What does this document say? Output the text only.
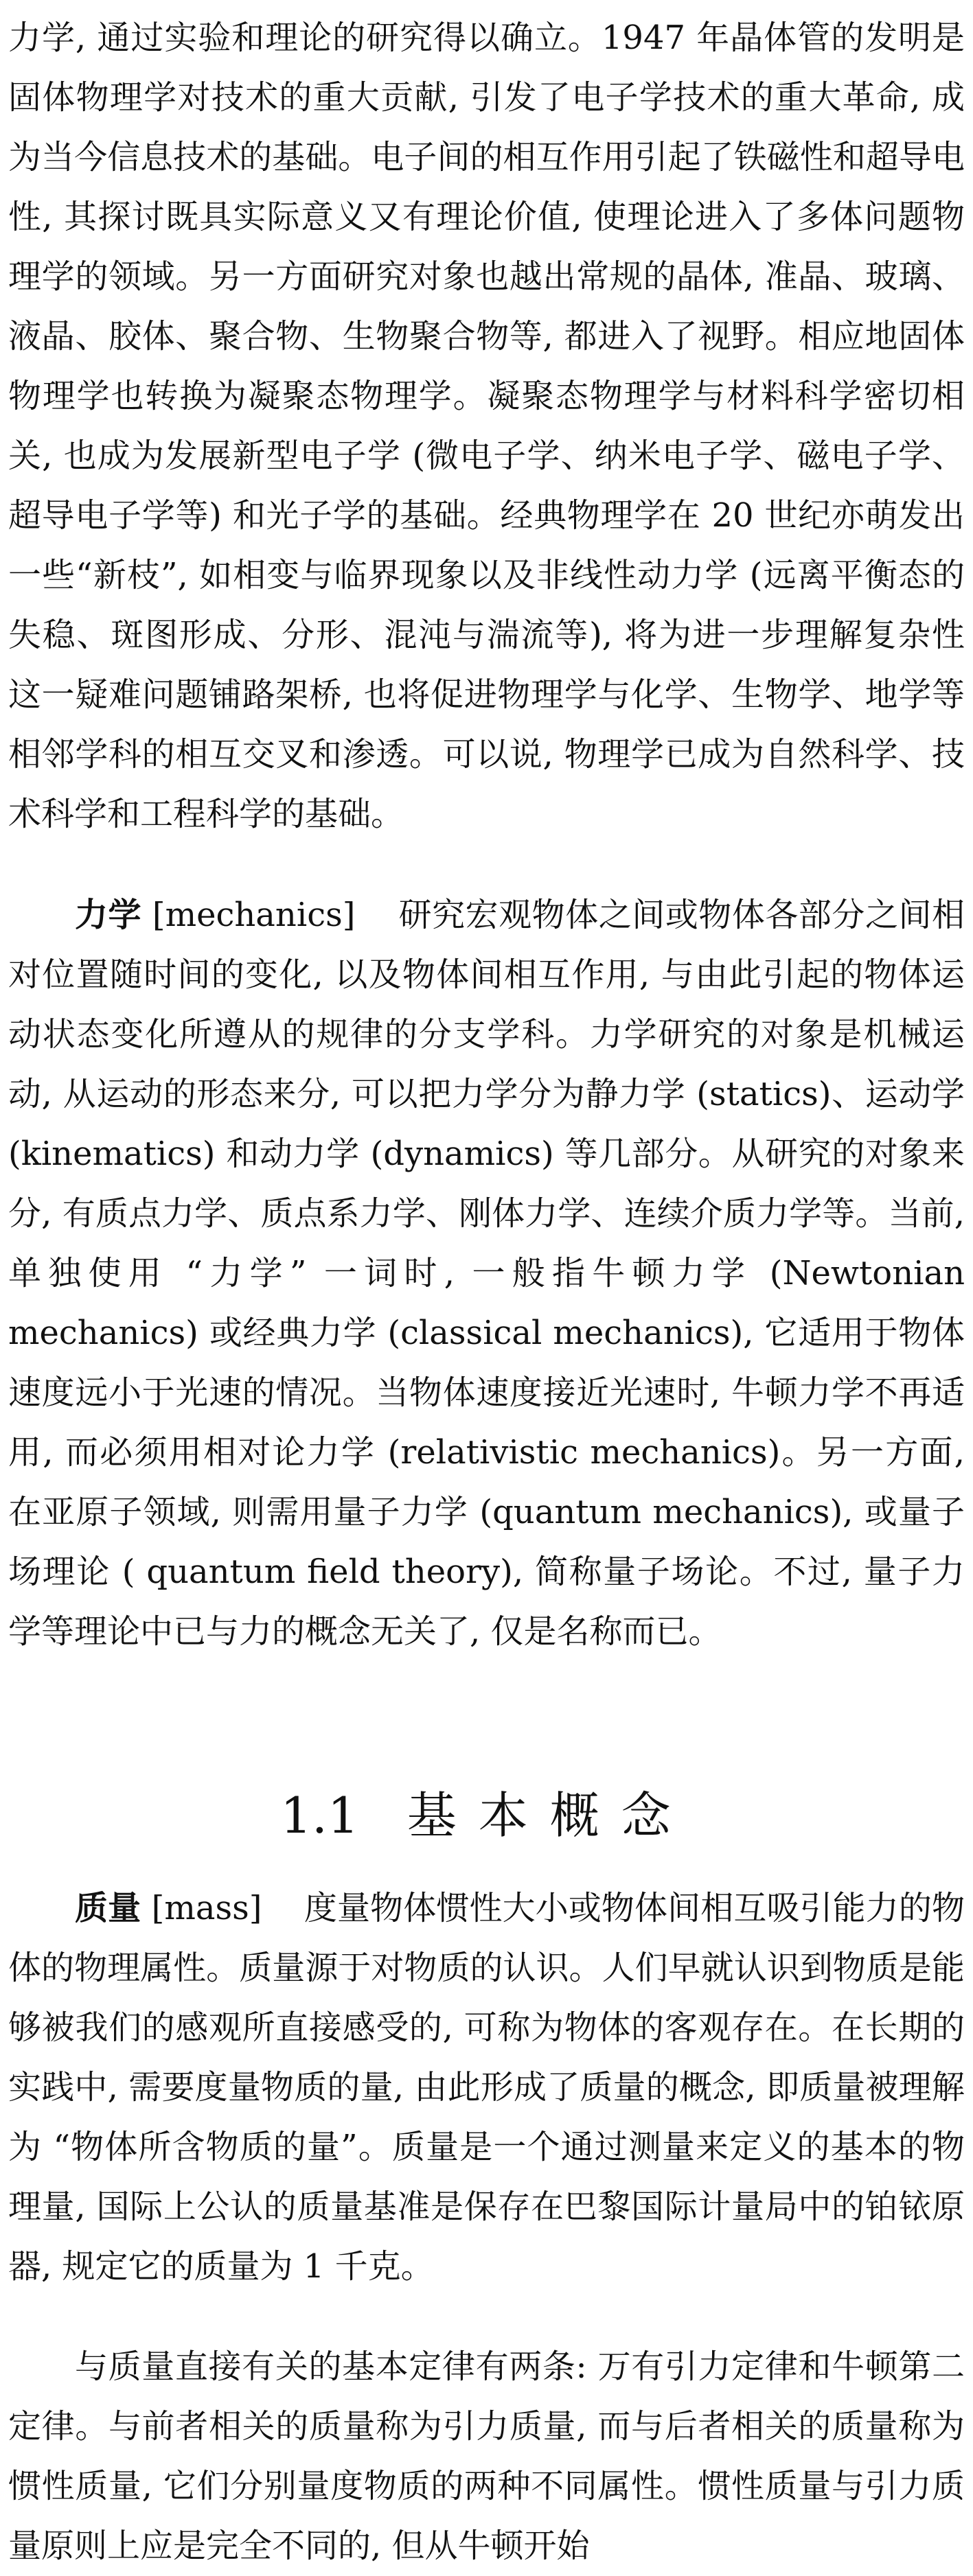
力学, 通过实验和理论的研究得以确立。1947 年晶体管的发明是固体物理学对技术的重大贡献, 引发了电子学技术的重大革命, 成为当今信息技术的基础。电子间的相互作用引起了铁磁性和超导电性, 其探讨既具实际意义又有理论价值, 使理论进入了多体问题物理学的领域。另一方面研究对象也越出常规的晶体, 准晶、玻璃、液晶、胶体、聚合物、生物聚合物等, 都进入了视野。相应地固体物理学也转换为凝聚态物理学。凝聚态物理学与材料科学密切相关, 也成为发展新型电子学 (微电子学、纳米电子学、磁电子学、超导电子学等) 和光子学的基础。经典物理学在 20 世纪亦萌发出一些“新枝”, 如相变与临界现象以及非线性动力学 (远离平衡态的失稳、斑图形成、分形、混沌与湍流等), 将为进一步理解复杂性这一疑难问题铺路架桥, 也将促进物理学与化学、生物学、地学等相邻学科的相互交叉和渗透。可以说, 物理学已成为自然科学、技术科学和工程科学的基础。

力学 [mechanics] 研究宏观物体之间或物体各部分之间相对位置随时间的变化, 以及物体间相互作用, 与由此引起的物体运动状态变化所遵从的规律的分支学科。力学研究的对象是机械运动, 从运动的形态来分, 可以把力学分为静力学 (statics)、运动学 (kinematics) 和动力学 (dynamics) 等几部分。从研究的对象来分, 有质点力学、质点系力学、刚体力学、连续介质力学等。当前, 单独使用 “力学” 一词时, 一般指牛顿力学 (Newtonian mechanics) 或经典力学 (classical mechanics), 它适用于物体速度远小于光速的情况。当物体速度接近光速时, 牛顿力学不再适用, 而必须用相对论力学 (relativistic mechanics)。另一方面, 在亚原子领域, 则需用量子力学 (quantum mechanics), 或量子场理论 ( quantum field theory), 简称量子场论。不过, 量子力学等理论中已与力的概念无关了, 仅是名称而已。

1.1 基本概念

质量 [mass] 度量物体惯性大小或物体间相互吸引能力的物体的物理属性。质量源于对物质的认识。人们早就认识到物质是能够被我们的感观所直接感受的, 可称为物体的客观存在。在长期的实践中, 需要度量物质的量, 由此形成了质量的概念, 即质量被理解为 “物体所含物质的量”。质量是一个通过测量来定义的基本的物理量, 国际上公认的质量基准是保存在巴黎国际计量局中的铂铱原器, 规定它的质量为 1 千克。

与质量直接有关的基本定律有两条: 万有引力定律和牛顿第二定律。与前者相关的质量称为引力质量, 而与后者相关的质量称为惯性质量, 它们分别量度物质的两种不同属性。惯性质量与引力质量原则上应是完全不同的, 但从牛顿开始
